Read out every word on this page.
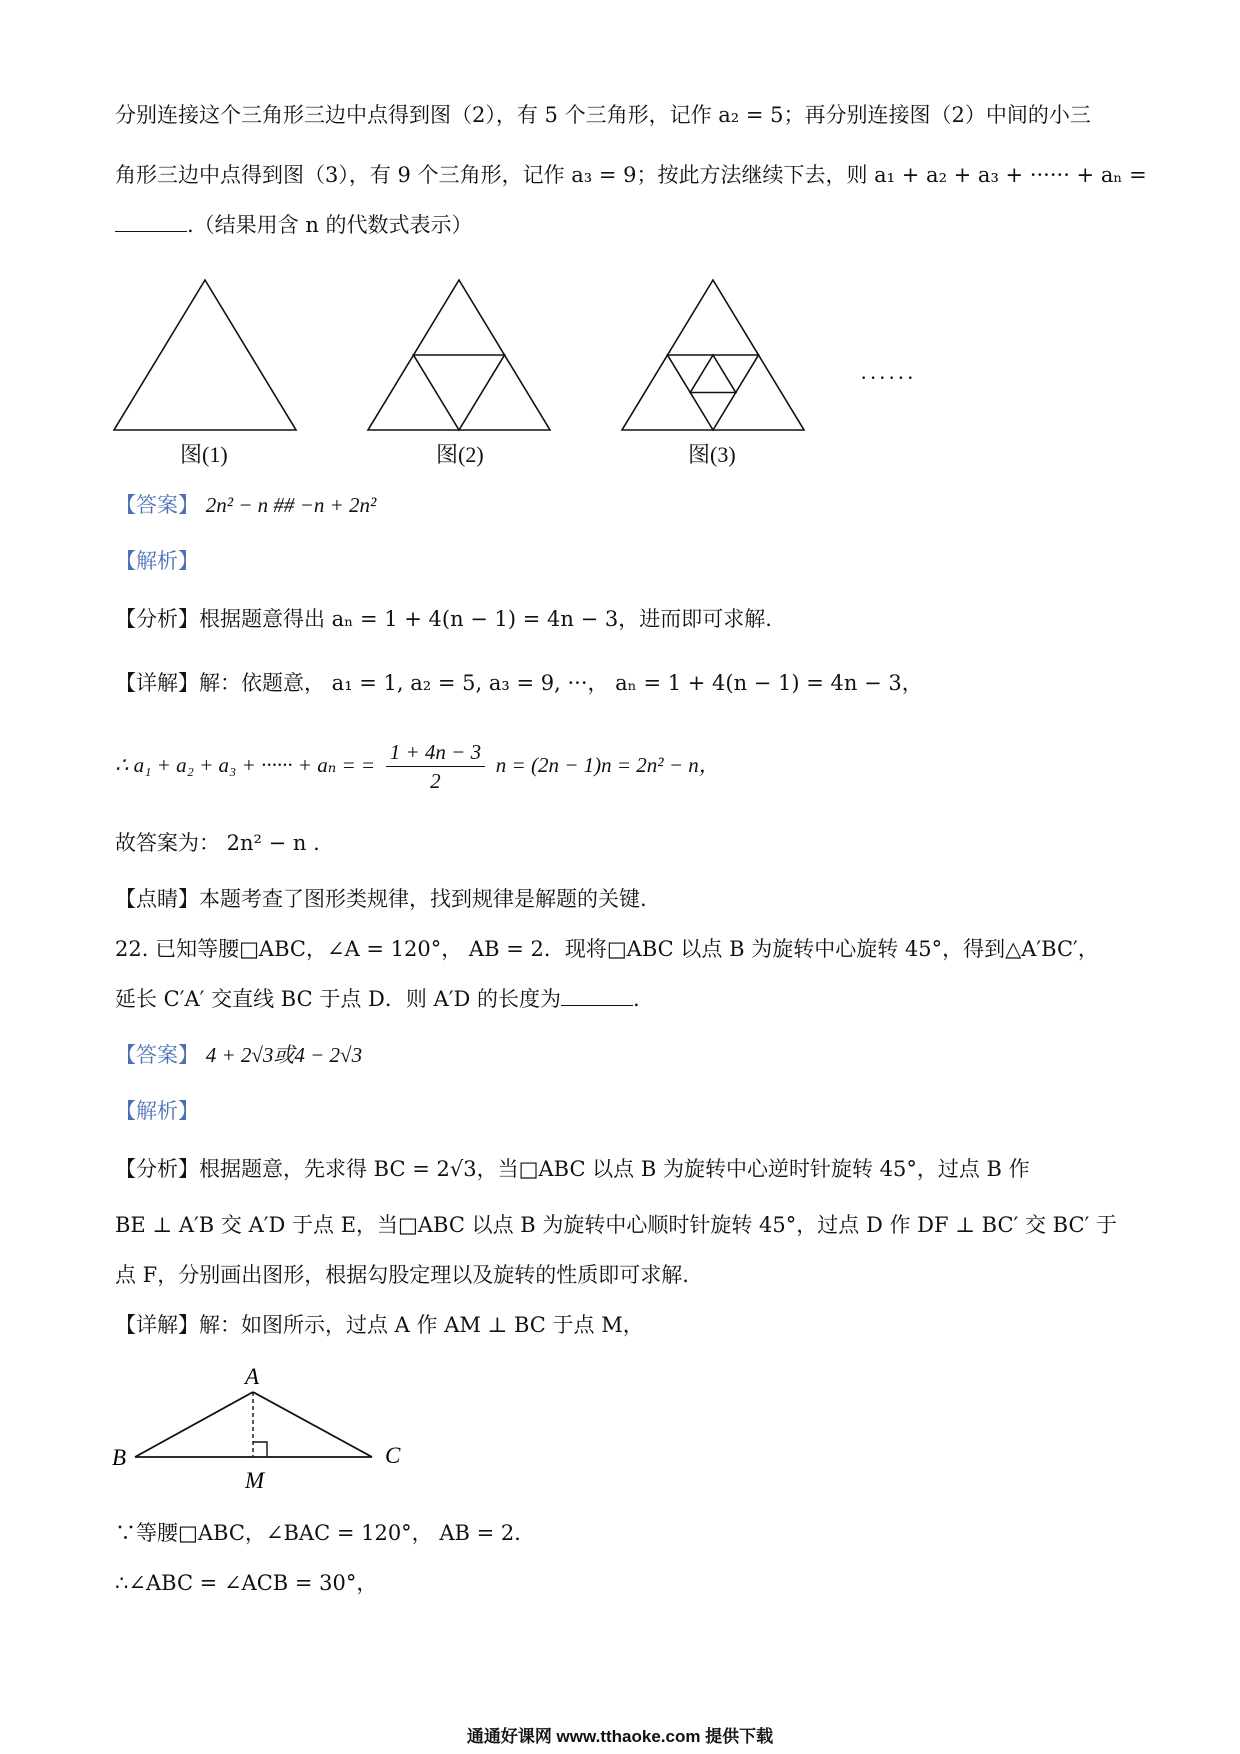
分别连接这个三角形三边中点得到图（2），有 5 个三角形，记作 a₂ = 5；再分别连接图（2）中间的小三
角形三边中点得到图（3），有 9 个三角形，记作 a₃ = 9；按此方法继续下去，则 a₁ + a₂ + a₃ + ······ + aₙ =
.（结果用含 n 的代数式表示）
图(1)	图(2)	图(3)
······
【答案】 2n² − n ## −n + 2n²
【解析】
【分析】根据题意得出 aₙ = 1 + 4(n − 1) = 4n − 3，进而即可求解.
【详解】解：依题意， a₁ = 1, a₂ = 5, a₃ = 9, ···， aₙ = 1 + 4(n − 1) = 4n − 3，
∴ a₁ + a₂ + a₃ + ······ + aₙ = = $\frac{1 + 4n - 3}{2}$ n = (2n − 1)n = 2n² − n，
故答案为： 2n² − n .
【点睛】本题考查了图形类规律，找到规律是解题的关键.
22. 已知等腰□ABC，∠A = 120°， AB = 2．现将□ABC 以点 B 为旋转中心旋转 45°，得到△A′BC′，
延长 C′A′ 交直线 BC 于点 D．则 A′D 的长度为	.
【答案】 4 + 2√3或4 − 2√3
【解析】
【分析】根据题意，先求得 BC = 2√3，当□ABC 以点 B 为旋转中心逆时针旋转 45°，过点 B 作
BE ⊥ A′B 交 A′D 于点 E，当□ABC 以点 B 为旋转中心顺时针旋转 45°，过点 D 作 DF ⊥ BC′ 交 BC′ 于
点 F，分别画出图形，根据勾股定理以及旋转的性质即可求解.
【详解】解：如图所示，过点 A 作 AM ⊥ BC 于点 M，
A
B	C
M
∵等腰□ABC，∠BAC = 120°， AB = 2．
∴∠ABC = ∠ACB = 30°，
通通好课网 www.tthaoke.com 提供下载
